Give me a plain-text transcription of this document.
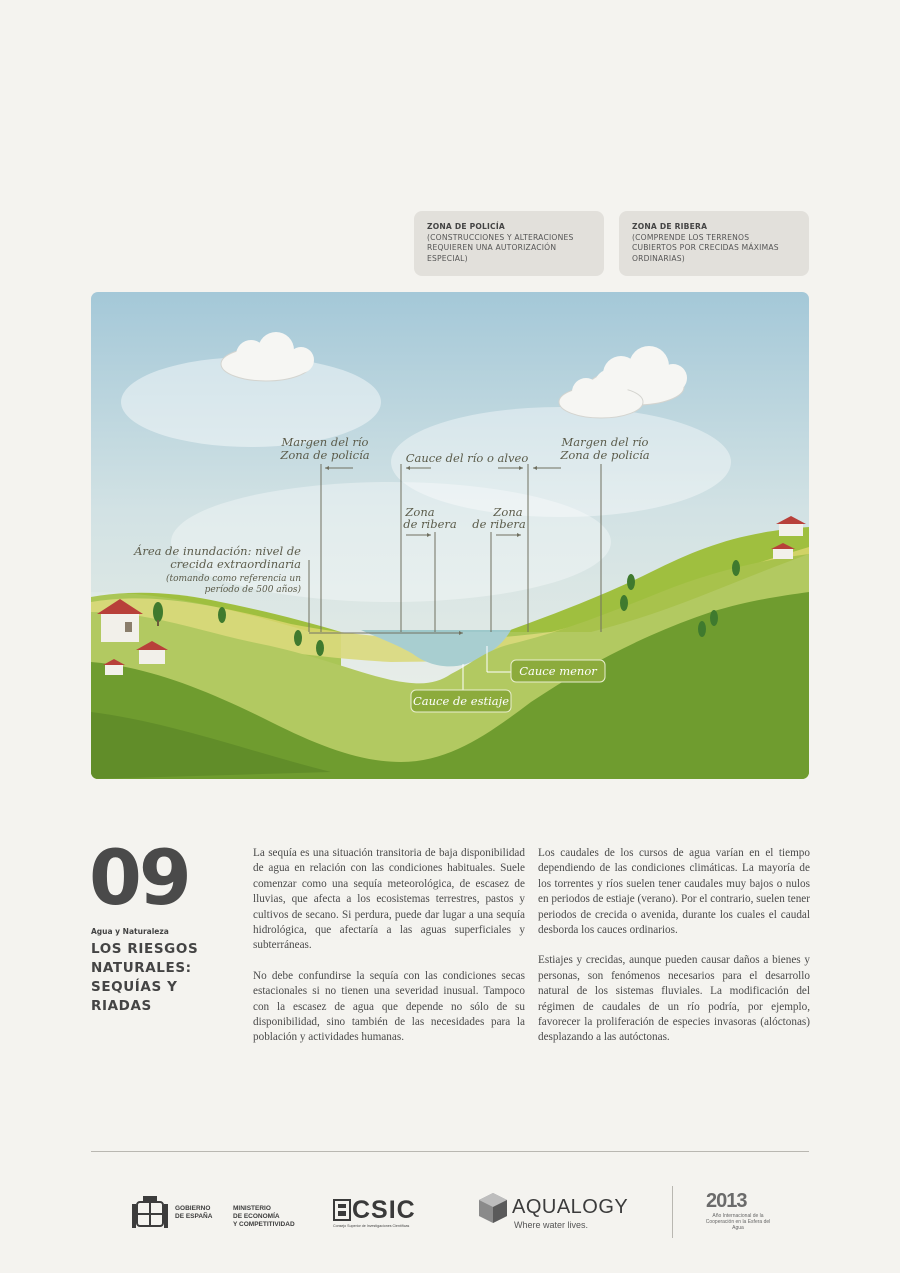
ZONA DE POLICÍA
(CONSTRUCCIONES Y ALTERACIONES REQUIEREN UNA AUTORIZACIÓN ESPECIAL)
ZONA DE RIBERA
(COMPRENDE LOS TERRENOS CUBIERTOS POR CRECIDAS MÁXIMAS ORDINARIAS)
Margen del río
Zona de policía	Cauce del río o alveo
Margen del río
Zona de policía
Zona
de ribera
Zona
de ribera
Área de inundación: nivel de
crecida extraordinaria
(tomando como referencia un
período de 500 años)
Cauce menor
Cauce de estiaje
09
Agua y Naturaleza
LOS RIESGOS NATURALES: SEQUÍAS Y RIADAS

La sequía es una situación transitoria de baja disponibilidad de agua en relación con las condiciones habituales. Suele comenzar como una sequía meteorológica, de escasez de lluvias, que afecta a los ecosistemas terrestres, pastos y cultivos de secano. Si perdura, puede dar lugar a una sequía hidrológica, que afectaría a las aguas superficiales y subterráneas.

No debe confundirse la sequía con las condiciones secas estacionales si no tienen una severidad inusual. Tampoco con la escasez de agua que depende no sólo de su disponibilidad, sino también de las necesidades para la población y actividades humanas.

Los caudales de los cursos de agua varían en el tiempo dependiendo de las condiciones climáticas. La mayoría de los torrentes y ríos suelen tener caudales muy bajos o nulos en periodos de estiaje (verano). Por el contrario, suelen tener periodos de crecida o avenida, durante los cuales el caudal desborda los cauces ordinarios.

Estiajes y crecidas, aunque pueden causar daños a bienes y personas, son fenómenos necesarios para el desarrollo natural de los sistemas fluviales. La modificación del régimen de caudales de un río podría, por ejemplo, favorecer la proliferación de especies invasoras (alóctonas) desplazando a las autóctonas.

GOBIERNO
DE ESPAÑA
MINISTERIO
DE ECONOMÍA
Y COMPETITIVIDAD
CSIC
Consejo Superior de Investigaciones Científicas
AQUALOGY
Where water lives.
2013
Año Internacional de la Cooperación en la Esfera del Agua
